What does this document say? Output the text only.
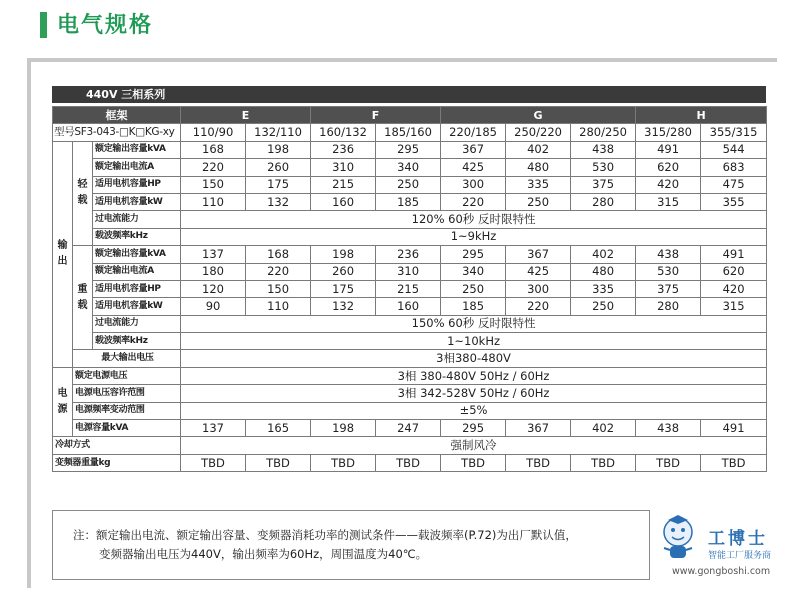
电气规格
440V 三相系列
框架			E		F		G			H	
型号SF3-043-□K□KG-xy			110/90	132/110	160/132	185/160	220/185	250/220	280/250	315/280	355/315
输出	轻载	额定输出容量kVA	168	198	236	295	367	402	438	491	544
		额定输出电流A	220	260	310	340	425	480	530	620	683
		适用电机容量HP	150	175	215	250	300	335	375	420	475
		适用电机容量kW	110	132	160	185	220	250	280	315	355
		过电流能力	120% 60秒 反时限特性								
		载波频率kHz	1~9kHz								
	重载	额定输出容量kVA	137	168	198	236	295	367	402	438	491
		额定输出电流A	180	220	260	310	340	425	480	530	620
		适用电机容量HP	120	150	175	215	250	300	335	375	420
		适用电机容量kW	90	110	132	160	185	220	250	280	315
		过电流能力	150% 60秒 反时限特性								
		载波频率kHz	1~10kHz								
	最大输出电压		3相380-480V								
电源	额定电源电压		3相 380-480V 50Hz / 60Hz								
	电源电压容许范围		3相 342-528V 50Hz / 60Hz								
	电源频率变动范围		±5%								
	电源容量kVA		137	165	198	247	295	367	402	438	491
冷却方式			强制风冷								
变频器重量kg			TBD	TBD	TBD	TBD	TBD	TBD	TBD	TBD	TBD
注：额定输出电流、额定输出容量、变频器消耗功率的测试条件——载波频率(P.72)为出厂默认值，
变频器输出电压为440V，输出频率为60Hz，周围温度为40℃。
工博士
智能工厂服务商
www.gongboshi.com
